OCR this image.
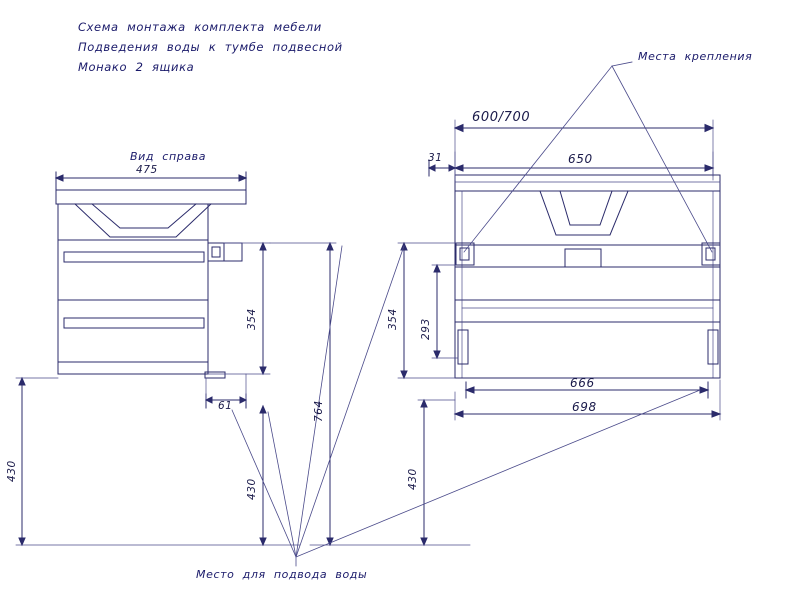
Схема  монтажа  комплекта  мебели
Подведения  воды  к  тумбе  подвесной
Монако  2  ящика
Вид  справа
Места  крепления
Место  для  подвода  воды
475
354
764
430
430
61
600/700
31	650
354 293
430
666
698
